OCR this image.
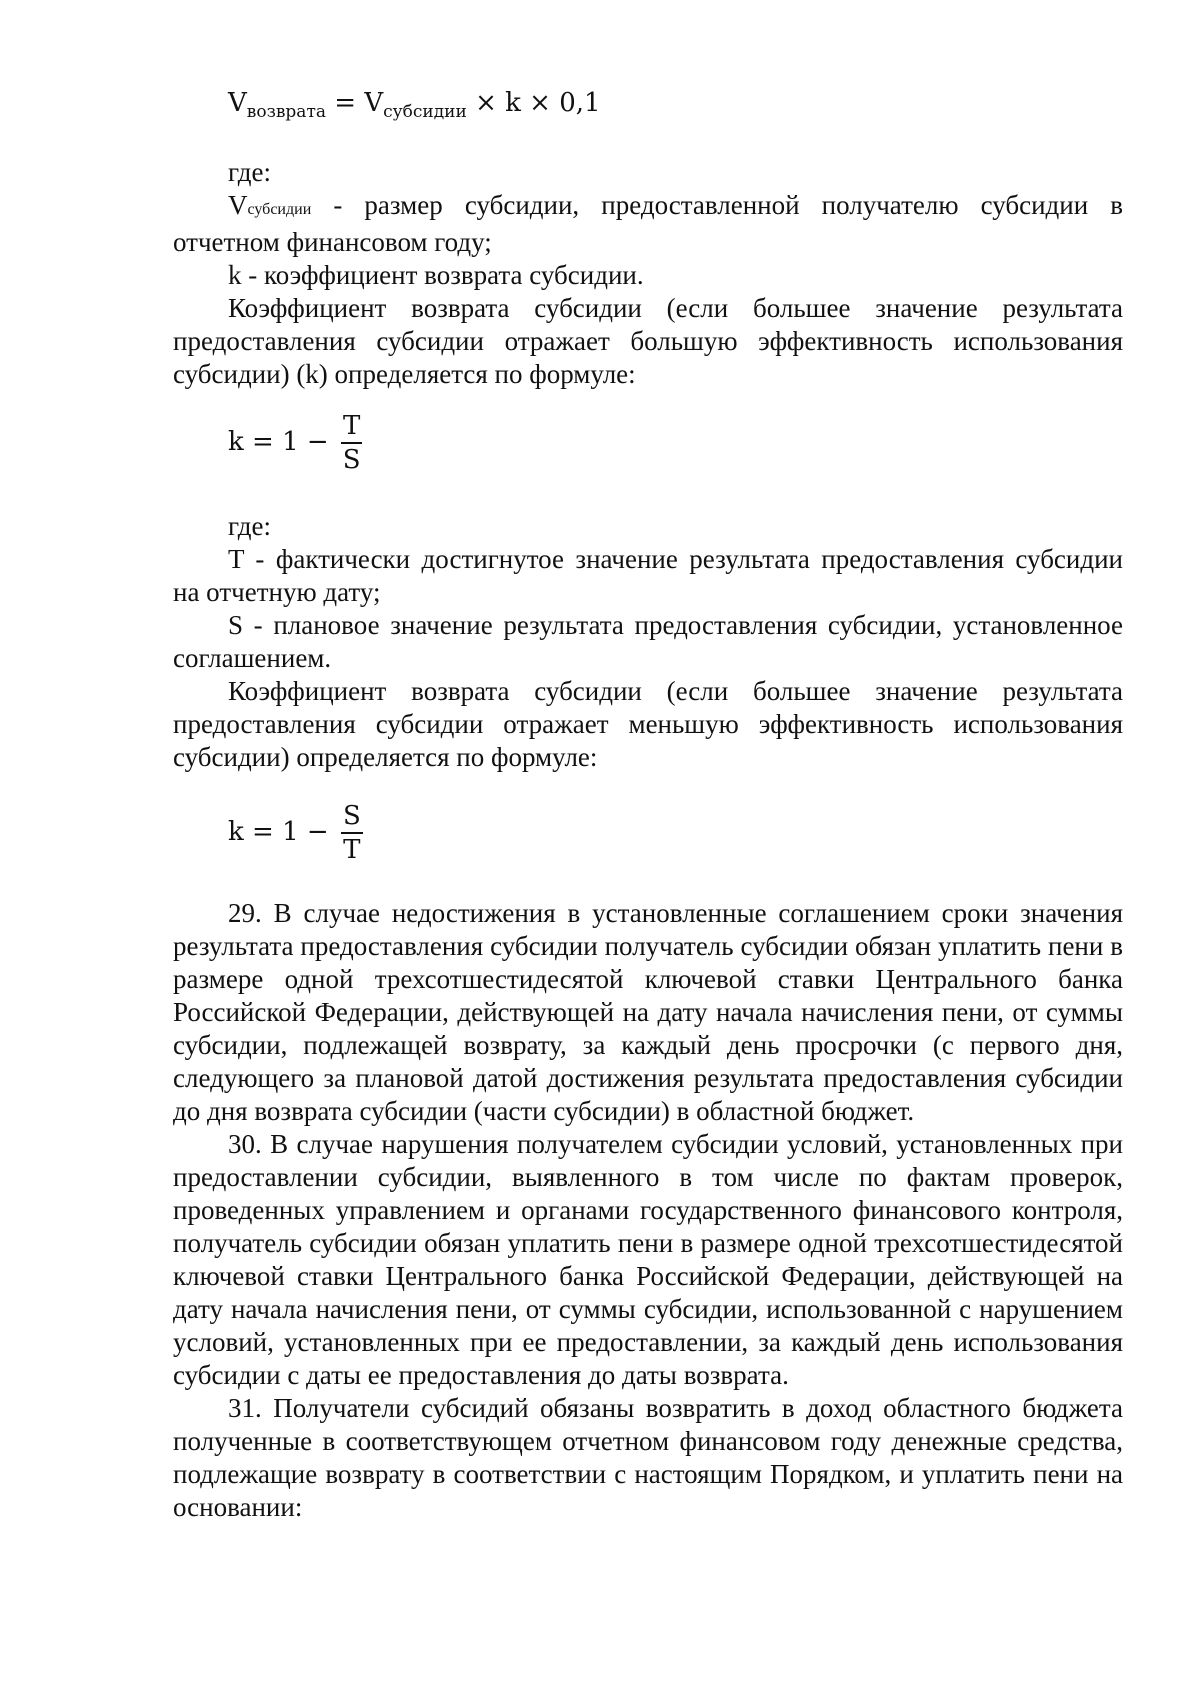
$V_{возврата} = V_{субсидии} \times k \times 0,1$

где:

Vсубсидии - размер субсидии, предоставленной получателю субсидии в отчетном финансовом году;

k - коэффициент возврата субсидии.

Коэффициент возврата субсидии (если большее значение результата предоставления субсидии отражает большую эффективность использования субсидии) (k) определяется по формуле:

$k = 1 - \frac{T}{S}$

где:

T - фактически достигнутое значение результата предоставления субсидии на отчетную дату;

S - плановое значение результата предоставления субсидии, установленное соглашением.

Коэффициент возврата субсидии (если большее значение результата предоставления субсидии отражает меньшую эффективность использования субсидии) определяется по формуле:

$k = 1 - \frac{S}{T}$

29. В случае недостижения в установленные соглашением сроки значения результата предоставления субсидии получатель субсидии обязан уплатить пени в размере одной трехсотшестидесятой ключевой ставки Центрального банка Российской Федерации, действующей на дату начала начисления пени, от суммы субсидии, подлежащей возврату, за каждый день просрочки (с первого дня, следующего за плановой датой достижения результата предоставления субсидии до дня возврата субсидии (части субсидии) в областной бюджет.

30. В случае нарушения получателем субсидии условий, установленных при предоставлении субсидии, выявленного в том числе по фактам проверок, проведенных управлением и органами государственного финансового контроля, получатель субсидии обязан уплатить пени в размере одной трехсотшестидесятой ключевой ставки Центрального банка Российской Федерации, действующей на дату начала начисления пени, от суммы субсидии, использованной с нарушением условий, установленных при ее предоставлении, за каждый день использования субсидии с даты ее предоставления до даты возврата.

31. Получатели субсидий обязаны возвратить в доход областного бюджета полученные в соответствующем отчетном финансовом году денежные средства, подлежащие возврату в соответствии с настоящим Порядком, и уплатить пени на основании:
